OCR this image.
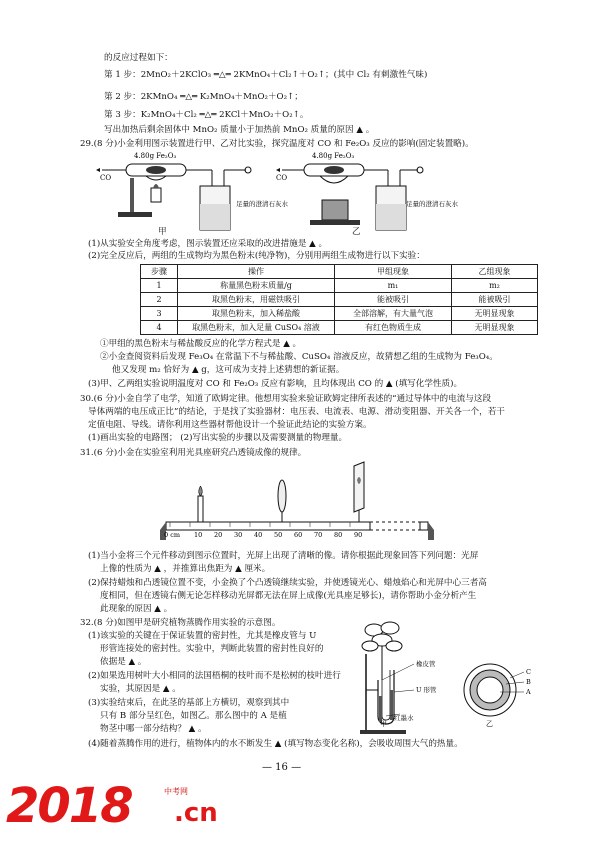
的反应过程如下：
第 1 步：2MnO₂＋2KClO₃ ═△═ 2KMnO₄＋Cl₂↑＋O₂↑；(其中 Cl₂ 有刺激性气味)
第 2 步：2KMnO₄ ═△═ K₂MnO₄＋MnO₂＋O₂↑；
第 3 步：K₂MnO₄＋Cl₂ ═△═ 2KCl＋MnO₂＋O₂↑。
写出加热后剩余固体中 MnO₂ 质量小于加热前 MnO₂ 质量的原因 ▲ 。
29.(8 分)小金利用图示装置进行甲、乙对比实验，探究温度对 CO 和 Fe₂O₃ 反应的影响(固定装置略)。
4.80g Fe₂O₃
CO
足量的澄清石灰水
4.80g Fe₂O₃
CO
足量的澄清石灰水
甲	乙
(1)从实验安全角度考虑，图示装置还应采取的改进措施是 ▲ 。
(2)完全反应后，两组的生成物均为黑色粉末(纯净物)，分别用两组生成物进行以下实验：
步骤	操作	甲组现象	乙组现象
1	称量黑色粉末质量/g	m₁	m₂
2	取黑色粉末，用磁铁吸引	能被吸引	能被吸引
3	取黑色粉末，加入稀盐酸	全部溶解，有大量气泡	无明显现象
4	取黑色粉末，加入足量 CuSO₄ 溶液	有红色物质生成	无明显现象
①甲组的黑色粉末与稀盐酸反应的化学方程式是 ▲ 。
②小金查阅资料后发现 Fe₃O₄ 在常温下不与稀盐酸、CuSO₄ 溶液反应，故猜想乙组的生成物为 Fe₃O₄。
他又发现 m₂ 恰好为 ▲ g，这可成为支持上述猜想的新证据。
(3)甲、乙两组实验说明温度对 CO 和 Fe₂O₃ 反应有影响，且均体现出 CO 的 ▲ (填写化学性质)。
30.(6 分)小金自学了电学，知道了欧姆定律。他想用实验来验证欧姆定律所表述的“通过导体中的电流与这段
导体两端的电压成正比”的结论，于是找了实验器材：电压表、电流表、电源、滑动变阻器、开关各一个，若干
定值电阻、导线。请你利用这些器材帮他设计一个验证此结论的实验方案。
(1)画出实验的电路图； (2)写出实验的步骤以及需要测量的物理量。
31.(6 分)小金在实验室利用光具座研究凸透镜成像的规律。
0 cm 10 20 30 40 50 60 70 80 90
(1)当小金将三个元件移动到图示位置时，光屏上出现了清晰的像。请你根据此现象回答下列问题：光屏
上像的性质为 ▲ ，并推算出焦距为 ▲ 厘米。
(2)保持蜡烛和凸透镜位置不变，小金换了个凸透镜继续实验，并使透镜光心、蜡烛焰心和光屏中心三者高
度相同，但在透镜右侧无论怎样移动光屏都无法在屏上成像(光具座足够长)，请你帮助小金分析产生
此现象的原因 ▲ 。
32.(8 分)如图甲是研究植物蒸腾作用实验的示意图。
(1)该实验的关键在于保证装置的密封性，尤其是橡皮管与 U
形管连接处的密封性。实验中，判断此装置的密封性良好的
依据是 ▲ 。
(2)如果选用树叶大小相同的法国梧桐的枝叶而不是松树的枝叶进行
实验，其原因是 ▲ 。
(3)实验结束后，在此茎的基部上方横切，观察到其中
只有 B 部分呈红色，如图乙。那么图中的 A 是植
物茎中哪一部分结构？ ▲ 。
(4)随着蒸腾作用的进行，植物体内的水不断发生 ▲ (填写物态变化名称)，会吸收周围大气的热量。
橡皮管
U 形管
红墨水
C
B
A
甲	乙
— 16 —
2018	中考网
.cn
